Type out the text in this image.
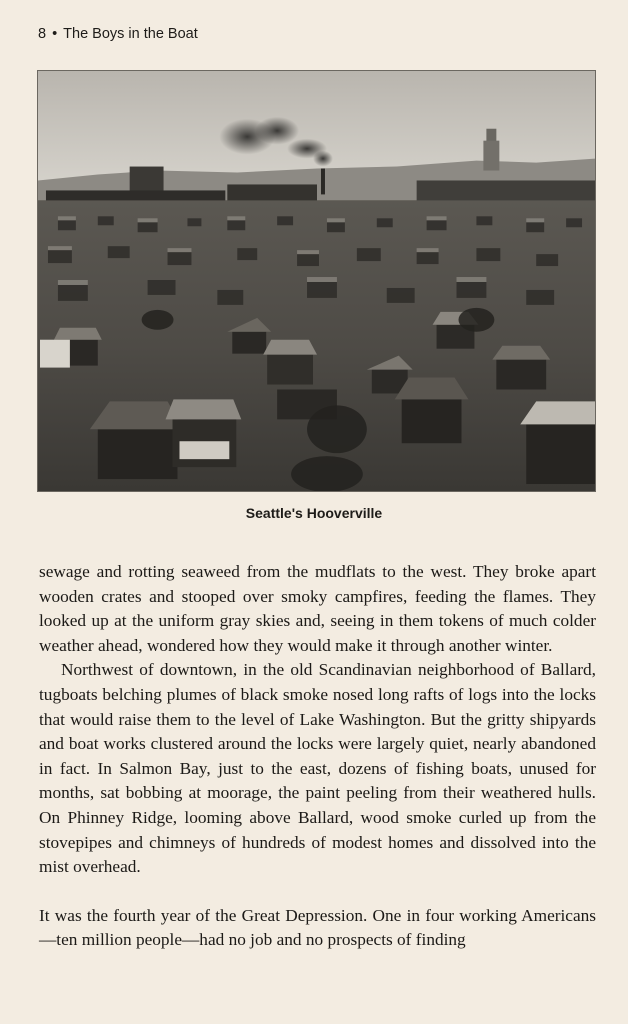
8 • The Boys in the Boat
Seattle's Hooverville

sewage and rotting seaweed from the mudflats to the west. They broke apart wooden crates and stooped over smoky campfires, feeding the flames. They looked up at the uniform gray skies and, seeing in them tokens of much colder weather ahead, wondered how they would make it through another winter.

Northwest of downtown, in the old Scandinavian neighborhood of Ballard, tugboats belching plumes of black smoke nosed long rafts of logs into the locks that would raise them to the level of Lake Washington. But the gritty shipyards and boat works clustered around the locks were largely quiet, nearly abandoned in fact. In Salmon Bay, just to the east, dozens of fishing boats, unused for months, sat bobbing at moorage, the paint peeling from their weathered hulls. On Phinney Ridge, looming above Ballard, wood smoke curled up from the stovepipes and chimneys of hundreds of modest homes and dissolved into the mist overhead.

It was the fourth year of the Great Depression. One in four working Americans—ten million people—had no job and no prospects of finding
